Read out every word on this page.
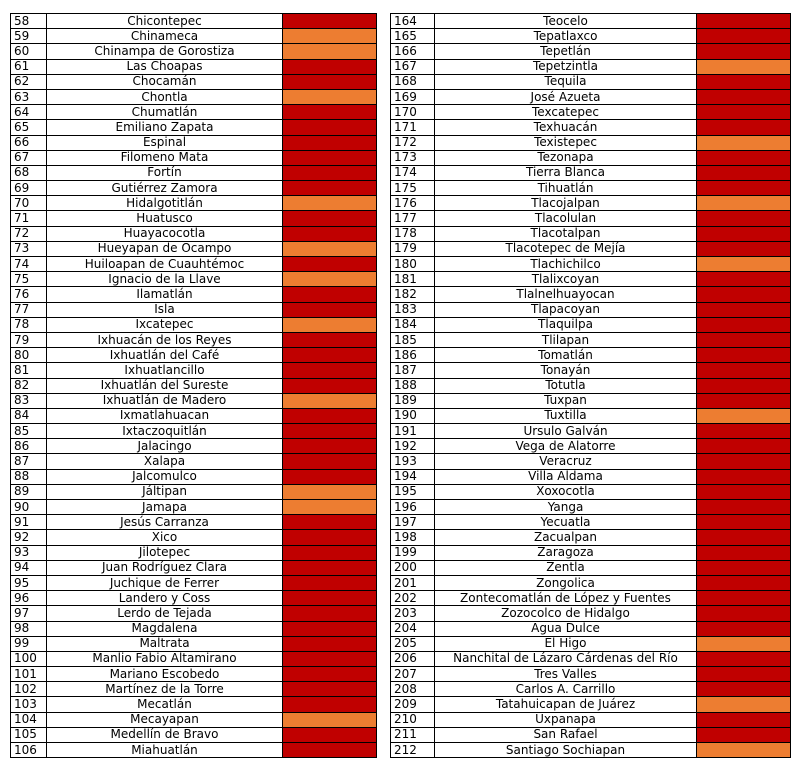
58	Chicontepec	
59	Chinameca	
60	Chinampa de Gorostiza	
61	Las Choapas	
62	Chocamán	
63	Chontla	
64	Chumatlán	
65	Emiliano Zapata	
66	Espinal	
67	Filomeno Mata	
68	Fortín	
69	Gutiérrez Zamora	
70	Hidalgotitlán	
71	Huatusco	
72	Huayacocotla	
73	Hueyapan de Ocampo	
74	Huiloapan de Cuauhtémoc	
75	Ignacio de la Llave	
76	Ilamatlán	
77	Isla	
78	Ixcatepec	
79	Ixhuacán de los Reyes	
80	Ixhuatlán del Café	
81	Ixhuatlancillo	
82	Ixhuatlán del Sureste	
83	Ixhuatlán de Madero	
84	Ixmatlahuacan	
85	Ixtaczoquitlán	
86	Jalacingo	
87	Xalapa	
88	Jalcomulco	
89	Jáltipan	
90	Jamapa	
91	Jesús Carranza	
92	Xico	
93	Jilotepec	
94	Juan Rodríguez Clara	
95	Juchique de Ferrer	
96	Landero y Coss	
97	Lerdo de Tejada	
98	Magdalena	
99	Maltrata	
100	Manlio Fabio Altamirano	
101	Mariano Escobedo	
102	Martínez de la Torre	
103	Mecatlán	
104	Mecayapan	
105	Medellín de Bravo	
106	Miahuatlán	
164	Teocelo	
165	Tepatlaxco	
166	Tepetlán	
167	Tepetzintla	
168	Tequila	
169	José Azueta	
170	Texcatepec	
171	Texhuacán	
172	Texistepec	
173	Tezonapa	
174	Tierra Blanca	
175	Tihuatlán	
176	Tlacojalpan	
177	Tlacolulan	
178	Tlacotalpan	
179	Tlacotepec de Mejía	
180	Tlachichilco	
181	Tlalixcoyan	
182	Tlalnelhuayocan	
183	Tlapacoyan	
184	Tlaquilpa	
185	Tlilapan	
186	Tomatlán	
187	Tonayán	
188	Totutla	
189	Tuxpan	
190	Tuxtilla	
191	Ursulo Galván	
192	Vega de Alatorre	
193	Veracruz	
194	Villa Aldama	
195	Xoxocotla	
196	Yanga	
197	Yecuatla	
198	Zacualpan	
199	Zaragoza	
200	Zentla	
201	Zongolica	
202	Zontecomatlán de López y Fuentes	
203	Zozocolco de Hidalgo	
204	Agua Dulce	
205	El Higo	
206	Nanchital de Lázaro Cárdenas del Río	
207	Tres Valles	
208	Carlos A. Carrillo	
209	Tatahuicapan de Juárez	
210	Uxpanapa	
211	San Rafael	
212	Santiago Sochiapan	
